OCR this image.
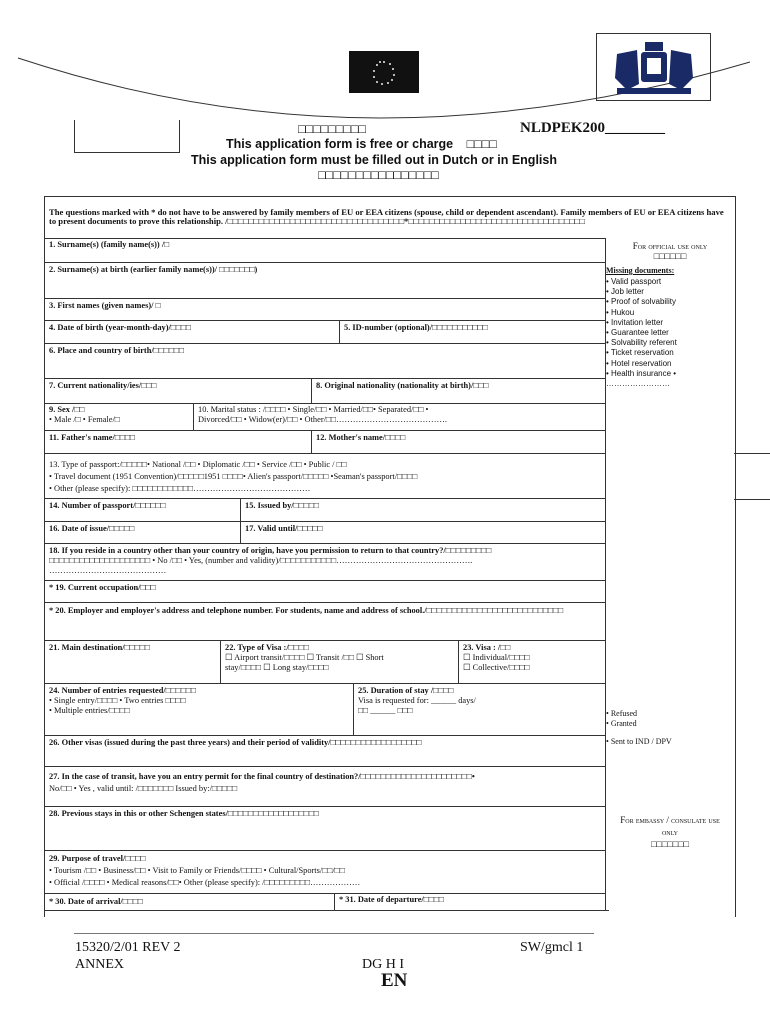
□□□□□□□□□	NLDPEK200________
This application form is free or charge □□□□
This application form must be filled out in Dutch or in English
□□□□□□□□□□□□□□□□
The questions marked with * do not have to be answered by family members of EU or EEA citizens (spouse, child or dependent ascendant). Family members of EU or EEA citizens have to present documents to prove this relationship. /□□□□□□□□□□□□□□□□□□□□□□□□□□□□□□□□□□*□□□□□□□□□□□□□□□□□□□□□□□□□□□□□□□□□□
1. Surname(s) (family name(s)) /□
2. Surname(s) at birth (earlier family name(s))/ □□□□□□□)
3. First names (given names)/ □
4. Date of birth (year-month-day)/□□□□	5. ID-number (optional)/□□□□□□□□□□□
6. Place and country of birth/□□□□□□
7. Current nationality/ies/□□□	8. Original nationality (nationality at birth)/□□□
9. Sex /□□
• Male /□ • Female/□
10. Marital status : /□□□□ • Single/□□ • Married/□□• Separated/□□ •
Divorced/□□ • Widow(er)/□□ • Other/□□………………………………….
11. Father's name/□□□□	12. Mother's name/□□□□
13. Type of passport:/□□□□□• National /□□ • Diplomatic /□□ • Service /□□ • Public / □□
• Travel document (1951 Convention)/□□□□□1951 □□□□• Alien's passport/□□□□□ •Seaman's passport/□□□□
• Other (please specify): □□□□□□□□□□□□……………………………………
14. Number of passport/□□□□□□	15. Issued by/□□□□□
16. Date of issue/□□□□□	17. Valid until/□□□□□
18. If you reside in a country other than your country of origin, have you permission to return to that country?/□□□□□□□□□
□□□□□□□□□□□□□□□□□□□□ • No /□□ • Yes, (number and validity)/□□□□□□□□□□□………………………………………….
……………………………………
* 19. Current occupation/□□□
* 20. Employer and employer's address and telephone number. For students, name and address of school./□□□□□□□□□□□□□□□□□□□□□□□□□□□
21. Main destination/□□□□□	22. Type of Visa :/□□□□
☐ Airport transit/□□□□ ☐ Transit /□□ ☐ Short
stay/□□□□ ☐ Long stay/□□□□
23. Visa : /□□
☐ Individual/□□□□
☐ Collective/□□□□
24. Number of entries requested/□□□□□□
• Single entry/□□□□ • Two entries □□□□
• Multiple entries/□□□□
25. Duration of stay /□□□□
Visa is requested for: ______ days/
□□ ______ □□□
26. Other visas (issued during the past three years) and their period of validity/□□□□□□□□□□□□□□□□□□
27. In the case of transit, have you an entry permit for the final country of destination?/□□□□□□□□□□□□□□□□□□□□□□•
No/□□ • Yes , valid until: /□□□□□□□ Issued by:/□□□□□
28. Previous stays in this or other Schengen states/□□□□□□□□□□□□□□□□□□
29. Purpose of travel/□□□□
• Tourism /□□ • Business/□□ • Visit to Family or Friends/□□□□ • Cultural/Sports/□□/□□
• Official /□□□□ • Medical reasons/□□• Other (please specify): /□□□□□□□□□………………
* 30. Date of arrival/□□□□	* 31. Date of departure/□□□□
For official use only
□□□□□□
Missing documents:
• Valid passport
• Job letter
• Proof of solvability
• Hukou
• Invitation letter
• Guarantee letter
• Solvability referent
• Ticket reservation
• Hotel reservation
• Health insurance •
……………………
• Refused
• Granted
• Sent to IND / DPV
For embassy / consulate use only
□□□□□□□
15320/2/01 REV 2
ANNEX
SW/gmcl 1
DG H I
EN
